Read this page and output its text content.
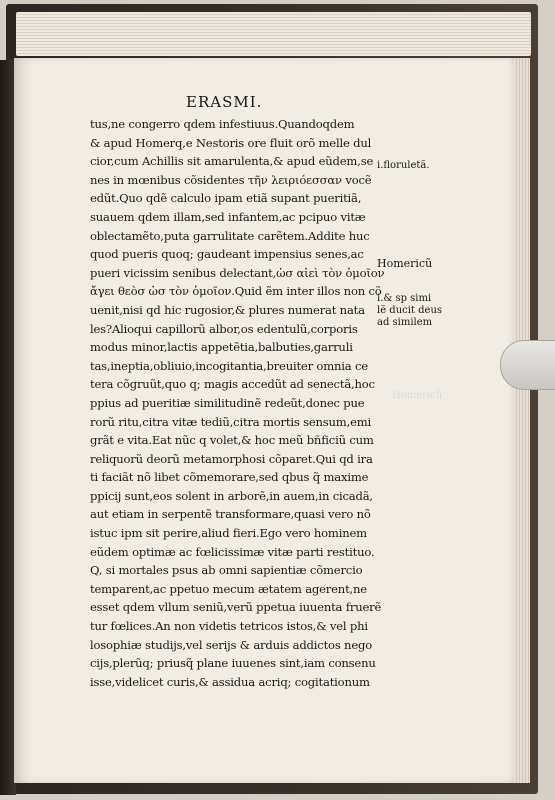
ERASMI.
tus,ne congerro qdem infestiuus.Quandoqdem
& apud Homerq,e Nestoris ore fluit orõ melle dul
cior,cum Achillis sit amarulenta,& apud eũdem,se
nes in mœnibus cõsidentes τῆν λειριόεσσαν vocẽ
edũt.Quo qdẽ calculo ipam etiã supant pueritiã,
suauem qdem illam,sed infantem,ac pcipuo vitæ
oblectamẽto,puta garrulitate carẽtem.Addite huc
quod pueris quoq; gaudeant impensius senes,ac
pueri vicissim senibus delectant,ὡσ αἰεὶ τὸν ὁμοῖον
ἄγει θεὸσ ὡσ τὸν ὁμοῖον.Quid ẽm inter illos non cõ
uenit,nisi qd hic rugosior,& plures numerat nata
les?Alioqui capillorũ albor,os edentulũ,corporis
modus minor,lactis appetẽtia,balbuties,garruli
tas,ineptia,obliuio,incogitantia,breuiter omnia ce
tera cõgruũt,quo q; magis accedũt ad senectã,hoc
ppius ad pueritiæ similitudinẽ redeũt,donec pue
rorũ ritu,citra vitæ tediũ,citra mortis sensum,emi
grãt e vita.Eat nũc q volet,& hoc meũ bñficiũ cum
reliquorũ deorũ metamorphosi cõparet.Qui qd ira
ti faciãt nõ libet cõmemorare,sed qbus q̃ maxime
ppicij sunt,eos solent in arborẽ,in auem,in cicadã,
aut etiam in serpentẽ transformare,quasi vero nõ
istuc ipm sit perire,aliud fieri.Ego vero hominem
eũdem optimæ ac fœlicissimæ vitæ parti restituo.
Q, si mortales psus ab omni sapientiæ cõmercio
temparent,ac ppetuo mecum ætatem agerent,ne
esset qdem vllum seniũ,verũ ppetua iuuenta fruerẽ
tur fœlices.An non videtis tetricos istos,& vel phi
losophiæ studijs,vel serijs & arduis addictos nego
cijs,plerũq; priusq̃ plane iuuenes sint,iam consenu
isse,videlicet curis,& assidua acriq; cogitationum
i.floruletã.
Homericũ
i.& sp simi
lẽ ducit deus
ad similem
Homericũ
